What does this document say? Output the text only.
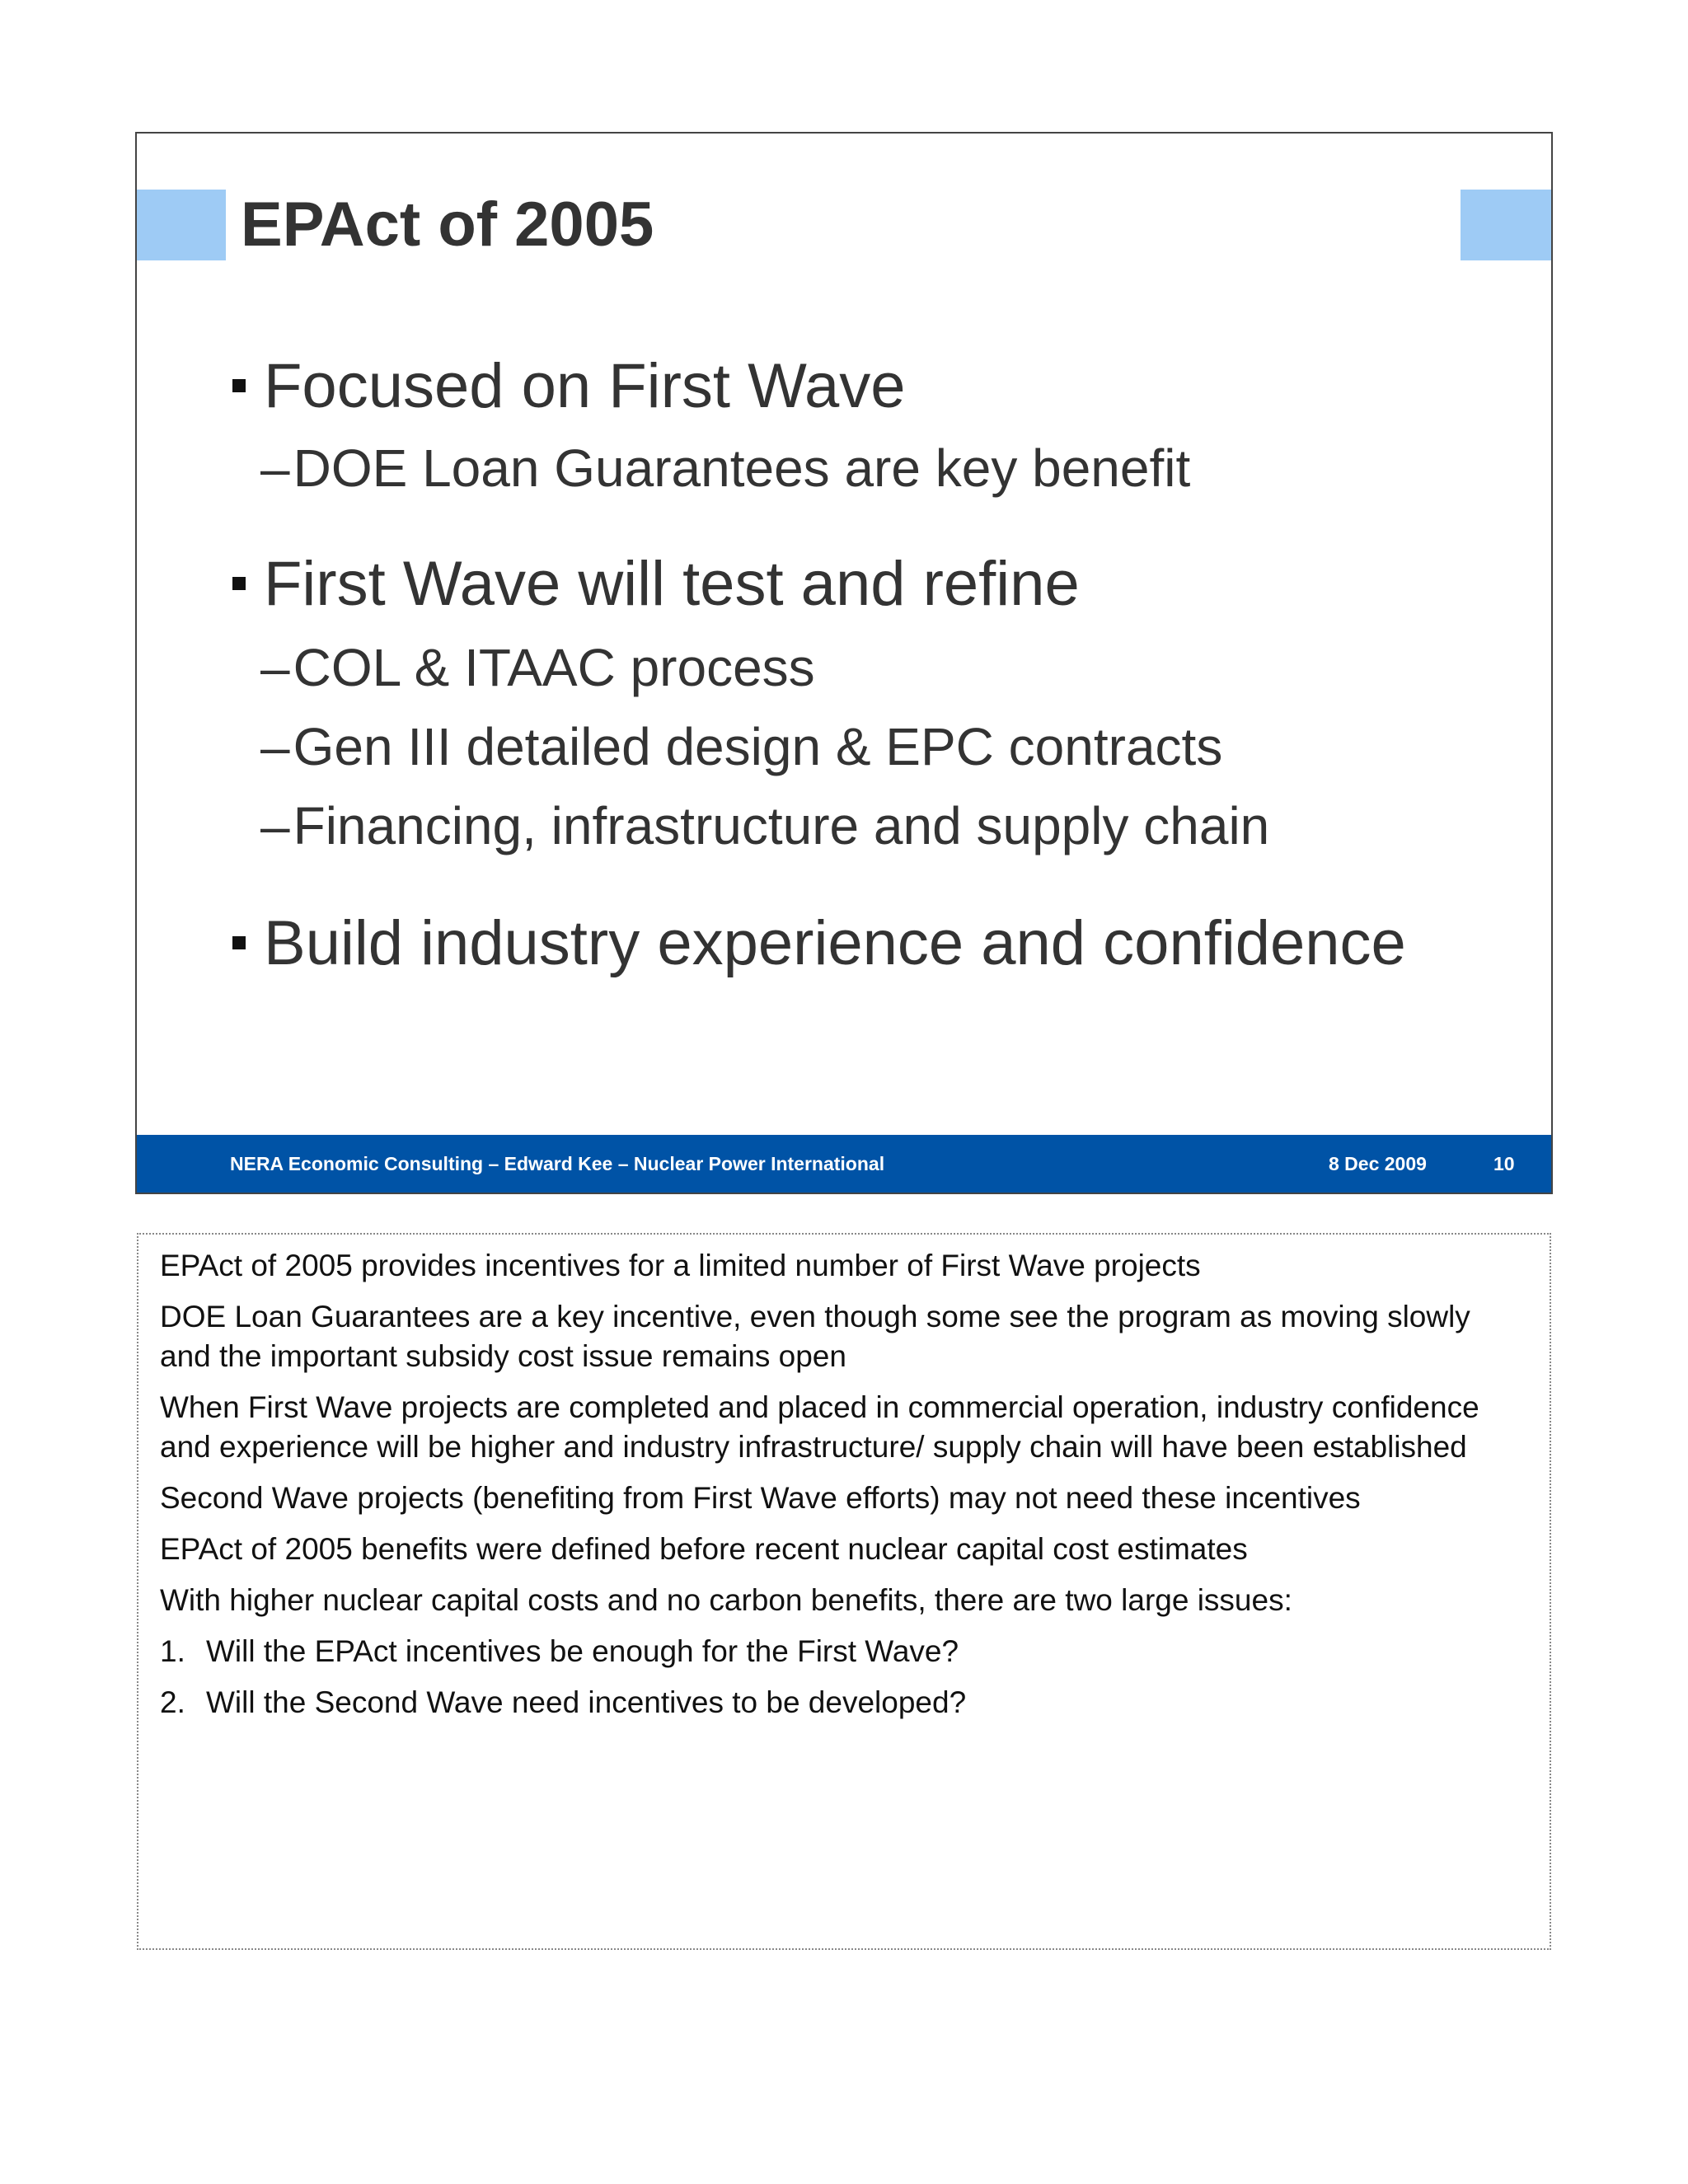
EPAct of 2005
Focused on First Wave
–DOE Loan Guarantees are key benefit
First Wave will test and refine
–COL & ITAAC process
–Gen III detailed design & EPC contracts
–Financing, infrastructure and supply chain
Build industry experience and confidence
NERA Economic Consulting – Edward Kee – Nuclear Power International	8 Dec 2009	10

EPAct of 2005 provides incentives for a limited number of First Wave projects

DOE Loan Guarantees are a key incentive, even though some see the program as moving slowly and the important subsidy cost issue remains open

When First Wave projects are completed and placed in commercial operation, industry confidence and experience will be higher and industry infrastructure/ supply chain will have been established

Second Wave projects (benefiting from First Wave efforts) may not need these incentives

EPAct of 2005 benefits were defined before recent nuclear capital cost estimates

With higher nuclear capital costs and no carbon benefits, there are two large issues:

1. Will the EPAct incentives be enough for the First Wave?

2. Will the Second Wave need incentives to be developed?
